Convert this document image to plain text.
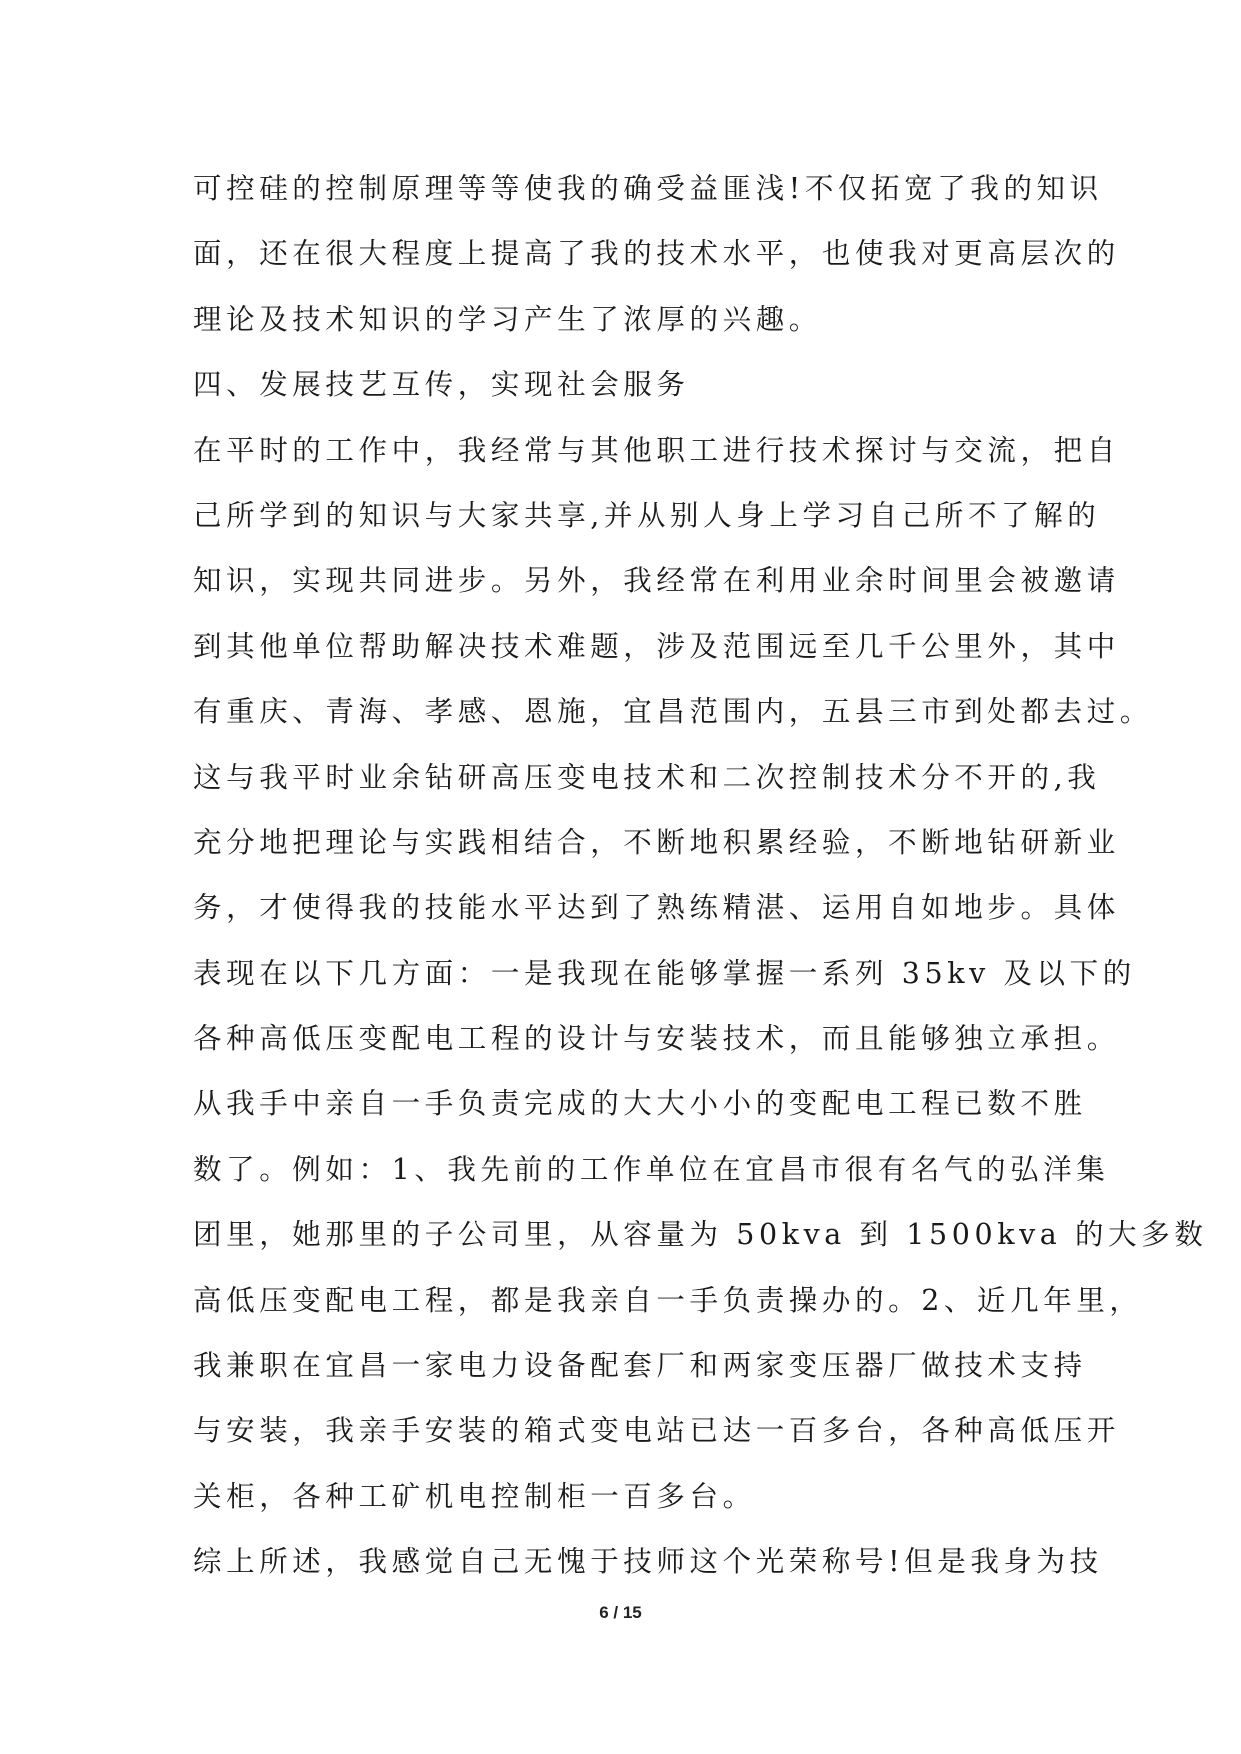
可控硅的控制原理等等使我的确受益匪浅!不仅拓宽了我的知识
面，还在很大程度上提高了我的技术水平，也使我对更高层次的
理论及技术知识的学习产生了浓厚的兴趣。
四、发展技艺互传，实现社会服务
在平时的工作中，我经常与其他职工进行技术探讨与交流，把自
己所学到的知识与大家共享,并从别人身上学习自己所不了解的
知识，实现共同进步。另外，我经常在利用业余时间里会被邀请
到其他单位帮助解决技术难题，涉及范围远至几千公里外，其中
有重庆、青海、孝感、恩施，宜昌范围内，五县三市到处都去过。
这与我平时业余钻研高压变电技术和二次控制技术分不开的,我
充分地把理论与实践相结合，不断地积累经验，不断地钻研新业
务，才使得我的技能水平达到了熟练精湛、运用自如地步。具体
表现在以下几方面：一是我现在能够掌握一系列 35kv 及以下的
各种高低压变配电工程的设计与安装技术，而且能够独立承担。
从我手中亲自一手负责完成的大大小小的变配电工程已数不胜
数了。例如：1、我先前的工作单位在宜昌市很有名气的弘洋集
团里，她那里的子公司里，从容量为 50kva 到 1500kva 的大多数
高低压变配电工程，都是我亲自一手负责操办的。2、近几年里，
我兼职在宜昌一家电力设备配套厂和两家变压器厂做技术支持
与安装，我亲手安装的箱式变电站已达一百多台，各种高低压开
关柜，各种工矿机电控制柜一百多台。
综上所述，我感觉自己无愧于技师这个光荣称号!但是我身为技
6 / 15
